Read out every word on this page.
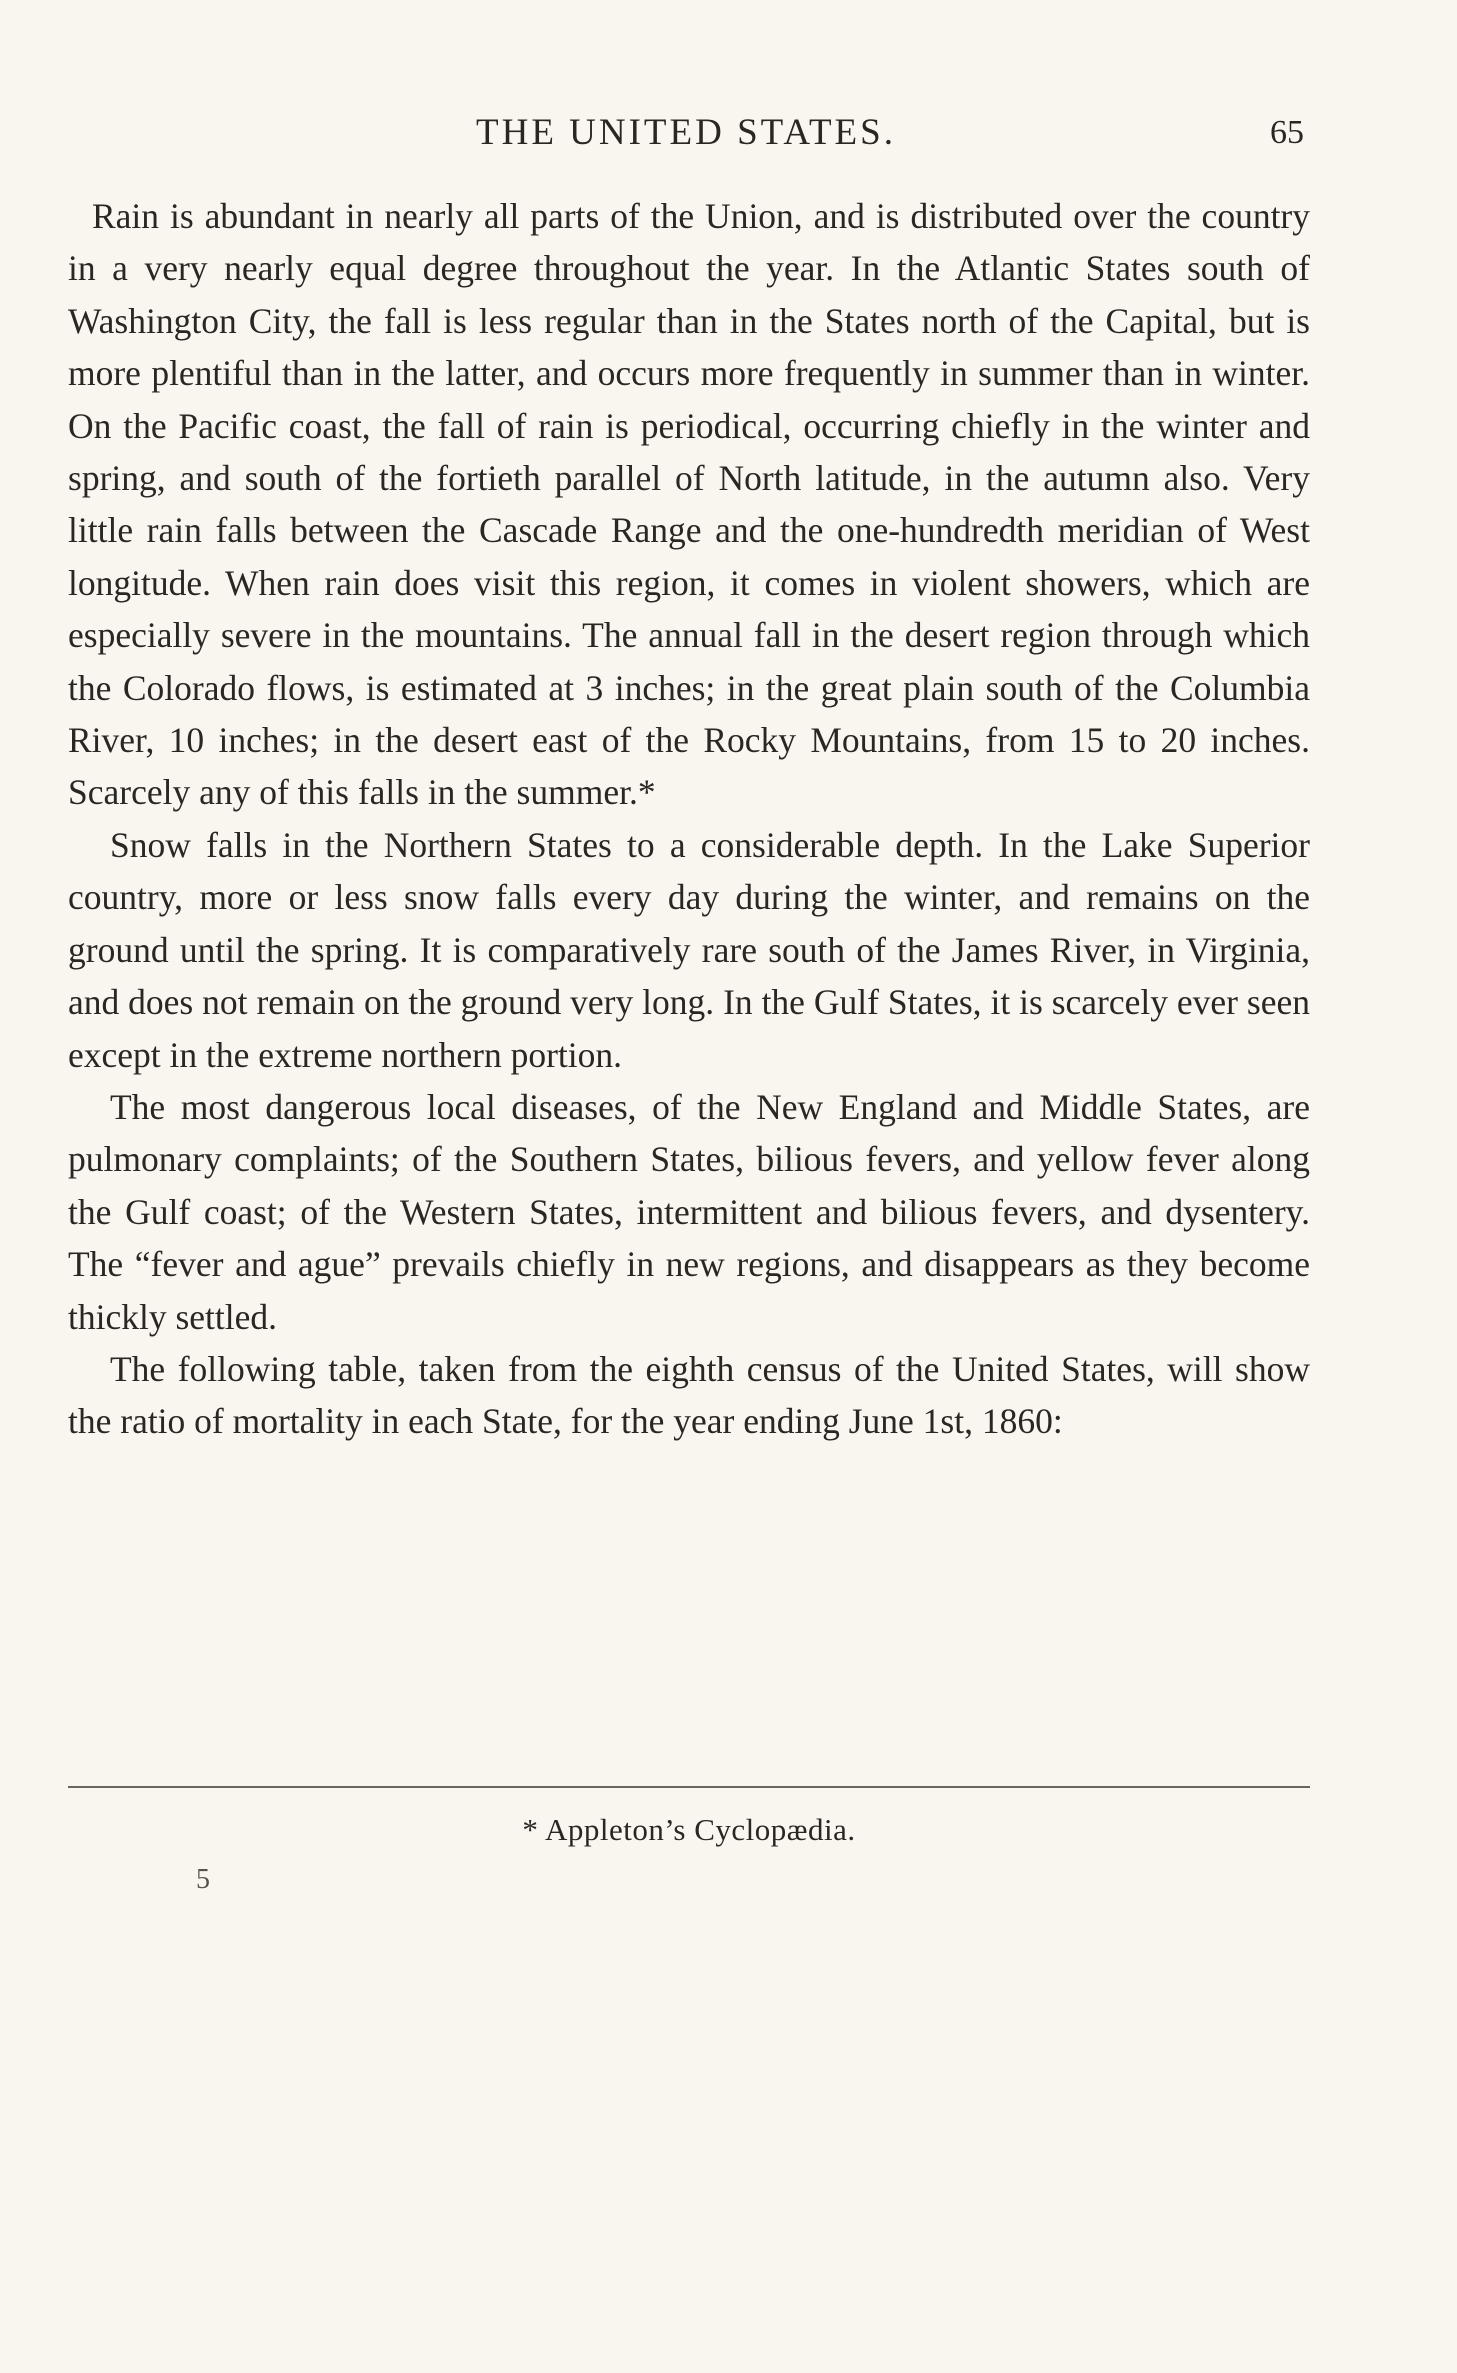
THE UNITED STATES.	65

Rain is abundant in nearly all parts of the Union, and is distributed over the country in a very nearly equal degree throughout the year. In the Atlantic States south of Washington City, the fall is less regular than in the States north of the Capital, but is more plentiful than in the latter, and occurs more frequently in summer than in winter. On the Pacific coast, the fall of rain is periodical, occurring chiefly in the winter and spring, and south of the fortieth parallel of North latitude, in the autumn also. Very little rain falls between the Cascade Range and the one-hundredth meridian of West longitude. When rain does visit this region, it comes in violent showers, which are especially severe in the mountains. The annual fall in the desert region through which the Colorado flows, is estimated at 3 inches; in the great plain south of the Columbia River, 10 inches; in the desert east of the Rocky Mountains, from 15 to 20 inches. Scarcely any of this falls in the summer.*

Snow falls in the Northern States to a considerable depth. In the Lake Superior country, more or less snow falls every day during the winter, and remains on the ground until the spring. It is comparatively rare south of the James River, in Virginia, and does not remain on the ground very long. In the Gulf States, it is scarcely ever seen except in the extreme northern portion.

The most dangerous local diseases, of the New England and Middle States, are pulmonary complaints; of the Southern States, bilious fevers, and yellow fever along the Gulf coast; of the Western States, intermittent and bilious fevers, and dysentery. The “fever and ague” prevails chiefly in new regions, and disappears as they become thickly settled.

The following table, taken from the eighth census of the United States, will show the ratio of mortality in each State, for the year ending June 1st, 1860:

* Appleton’s Cyclopædia.
5
